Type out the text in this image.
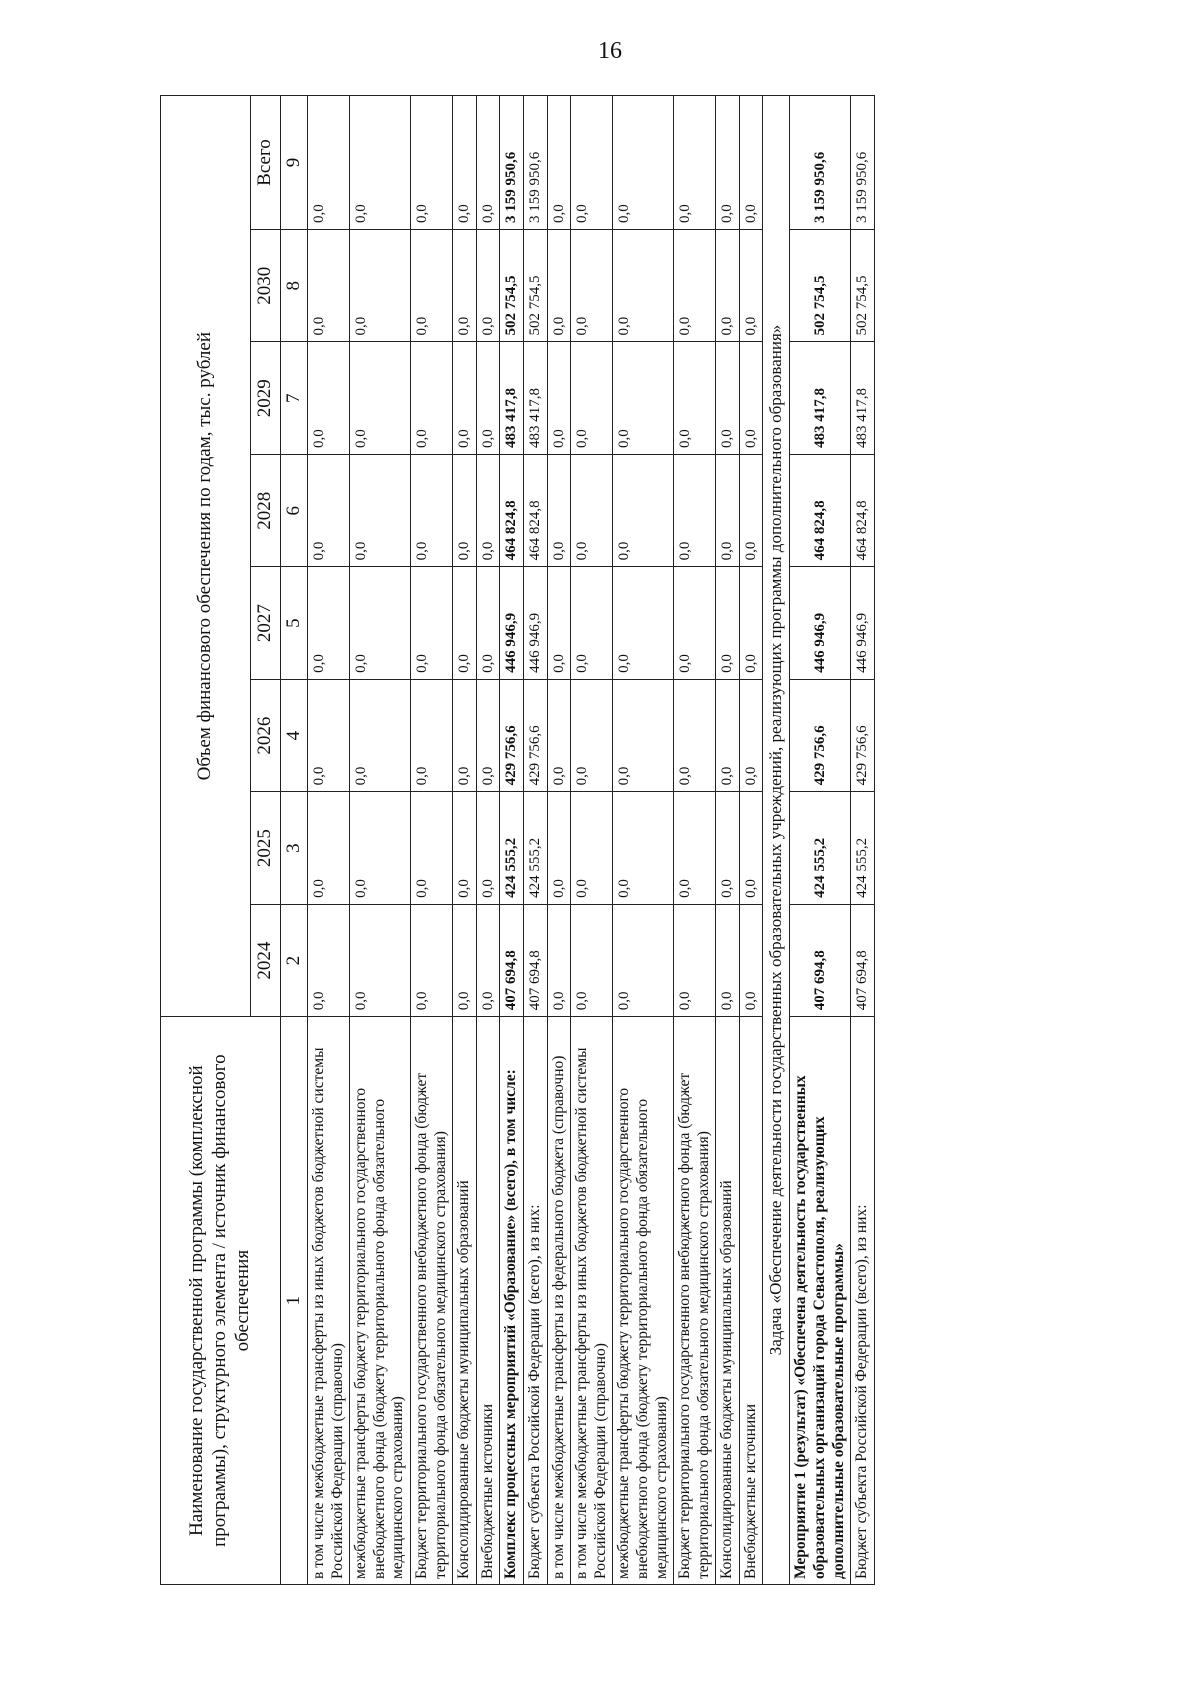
16
Наименование государственной программы (комплексной программы), структурного элемента / источник финансового обеспечения	Объем финансового обеспечения по годам, тыс. рублей							
	2024	2025	2026	2027	2028	2029	2030	Всего
1	2	3	4	5	6	7	8	9
в том числе межбюджетные трансферты из иных бюджетов бюджетной системы Российской Федерации (справочно)	0,0	0,0	0,0	0,0	0,0	0,0	0,0	0,0
межбюджетные трансферты бюджету территориального государственного внебюджетного фонда (бюджету территориального фонда обязательного медицинского страхования)	0,0	0,0	0,0	0,0	0,0	0,0	0,0	0,0
Бюджет территориального государственного внебюджетного фонда (бюджет территориального фонда обязательного медицинского страхования)	0,0	0,0	0,0	0,0	0,0	0,0	0,0	0,0
Консолидированные бюджеты муниципальных образований	0,0	0,0	0,0	0,0	0,0	0,0	0,0	0,0
Внебюджетные источники	0,0	0,0	0,0	0,0	0,0	0,0	0,0	0,0
Комплекс процессных мероприятий «Образование» (всего), в том числе:	407 694,8	424 555,2	429 756,6	446 946,9	464 824,8	483 417,8	502 754,5	3 159 950,6
Бюджет субъекта Российской Федерации (всего), из них:	407 694,8	424 555,2	429 756,6	446 946,9	464 824,8	483 417,8	502 754,5	3 159 950,6
в том числе межбюджетные трансферты из федерального бюджета (справочно)	0,0	0,0	0,0	0,0	0,0	0,0	0,0	0,0
в том числе межбюджетные трансферты из иных бюджетов бюджетной системы Российской Федерации (справочно)	0,0	0,0	0,0	0,0	0,0	0,0	0,0	0,0
межбюджетные трансферты бюджету территориального государственного внебюджетного фонда (бюджету территориального фонда обязательного медицинского страхования)	0,0	0,0	0,0	0,0	0,0	0,0	0,0	0,0
Бюджет территориального государственного внебюджетного фонда (бюджет территориального фонда обязательного медицинского страхования)	0,0	0,0	0,0	0,0	0,0	0,0	0,0	0,0
Консолидированные бюджеты муниципальных образований	0,0	0,0	0,0	0,0	0,0	0,0	0,0	0,0
Внебюджетные источники	0,0	0,0	0,0	0,0	0,0	0,0	0,0	0,0
Задача «Обеспечение деятельности государственных образовательных учреждений, реализующих программы дополнительного образования»								
Мероприятие 1 (результат) «Обеспечена деятельность государственных образовательных организаций города Севастополя, реализующих дополнительные образовательные программы»	407 694,8	424 555,2	429 756,6	446 946,9	464 824,8	483 417,8	502 754,5	3 159 950,6
Бюджет субъекта Российской Федерации (всего), из них:	407 694,8	424 555,2	429 756,6	446 946,9	464 824,8	483 417,8	502 754,5	3 159 950,6
